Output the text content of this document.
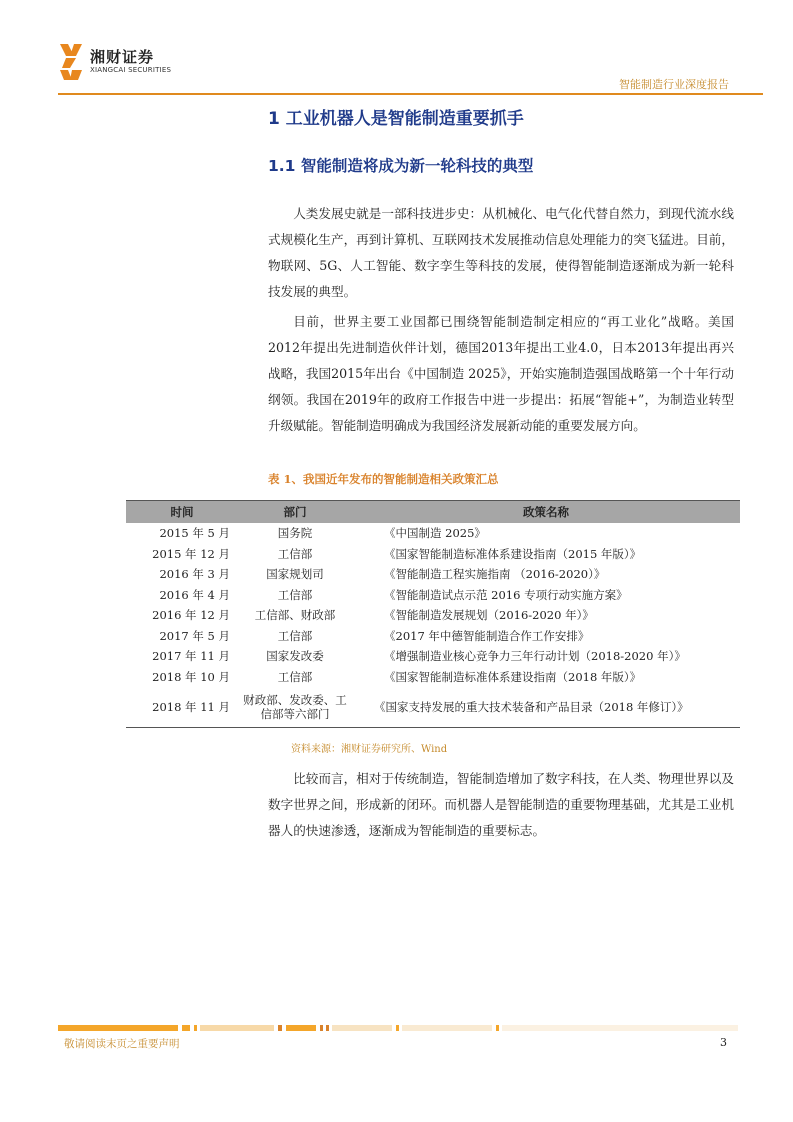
湘财证券
XIANGCAI SECURITIES
智能制造行业深度报告
1 工业机器人是智能制造重要抓手
1.1 智能制造将成为新一轮科技的典型

人类发展史就是一部科技进步史：从机械化、电气化代替自然力，到现代流水线式规模化生产，再到计算机、互联网技术发展推动信息处理能力的突飞猛进。目前，物联网、5G、人工智能、数字孪生等科技的发展，使得智能制造逐渐成为新一轮科技发展的典型。

目前，世界主要工业国都已围绕智能制造制定相应的“再工业化”战略。美国2012年提出先进制造伙伴计划，德国2013年提出工业4.0，日本2013年提出再兴战略，我国2015年出台《中国制造 2025》，开始实施制造强国战略第一个十年行动纲领。我国在2019年的政府工作报告中进一步提出：拓展“智能+”，为制造业转型升级赋能。智能制造明确成为我国经济发展新动能的重要发展方向。

表 1、我国近年发布的智能制造相关政策汇总
时间	部门	政策名称
2015 年 5 月	国务院	《中国制造 2025》
2015 年 12 月	工信部	《国家智能制造标准体系建设指南（2015 年版）》
2016 年 3 月	国家规划司	《智能制造工程实施指南 （2016-2020）》
2016 年 4 月	工信部	《智能制造试点示范 2016 专项行动实施方案》
2016 年 12 月	工信部、财政部	《智能制造发展规划（2016-2020 年）》
2017 年 5 月	工信部	《2017 年中德智能制造合作工作安排》
2017 年 11 月	国家发改委	《增强制造业核心竞争力三年行动计划（2018-2020 年）》
2018 年 10 月	工信部	《国家智能制造标准体系建设指南（2018 年版）》
2018 年 11 月	财政部、发改委、工信部等六部门	《国家支持发展的重大技术装备和产品目录（2018 年修订）》
资料来源：湘财证券研究所、Wind

比较而言，相对于传统制造，智能制造增加了数字科技，在人类、物理世界以及数字世界之间，形成新的闭环。而机器人是智能制造的重要物理基础，尤其是工业机器人的快速渗透，逐渐成为智能制造的重要标志。

敬请阅读末页之重要声明	3
